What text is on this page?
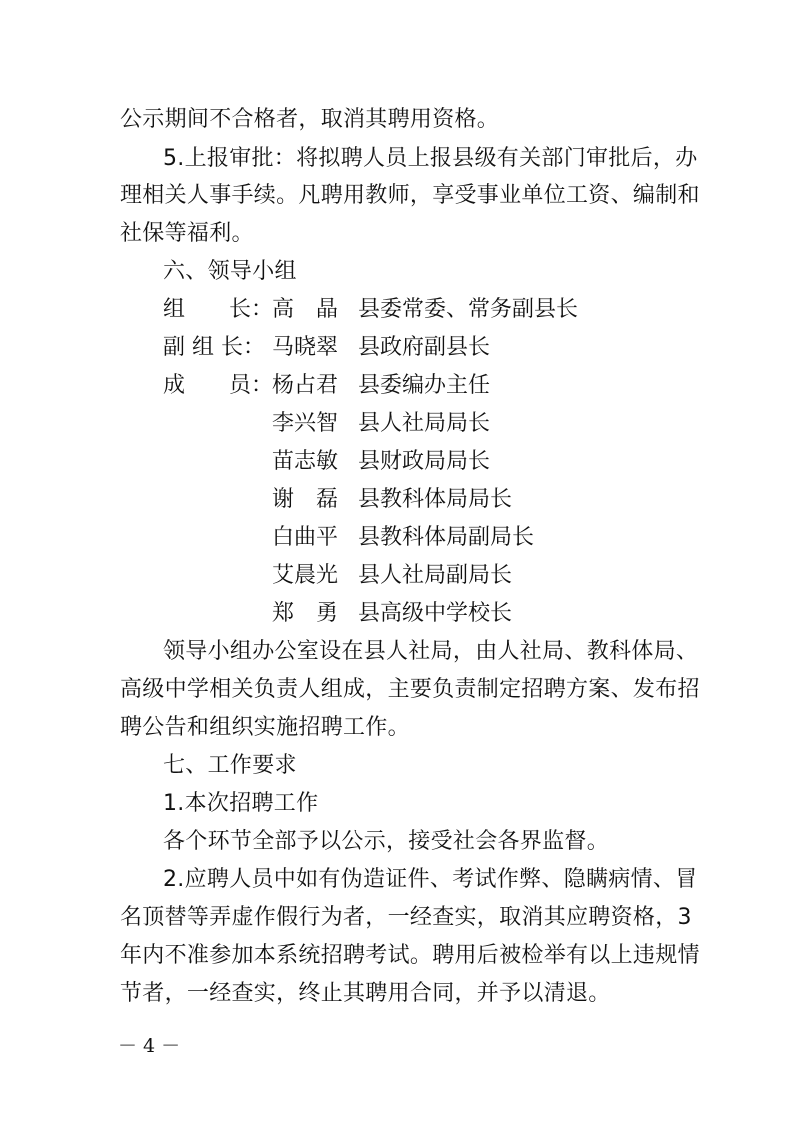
公示期间不合格者，取消其聘用资格。
5.上报审批：将拟聘人员上报县级有关部门审批后，办
理相关人事手续。凡聘用教师，享受事业单位工资、编制和
社保等福利。
六、领导小组
组　　长：
高　晶 县委常委、常务副县长
副 组 长： 马晓翠 县政府副县长
成　　员：
杨占君 县委编办主任
李兴智 县人社局局长
苗志敏 县财政局局长
谢　磊 县教科体局局长
白曲平 县教科体局副局长
艾晨光 县人社局副局长
郑　勇 县高级中学校长
领导小组办公室设在县人社局，由人社局、教科体局、
高级中学相关负责人组成，主要负责制定招聘方案、发布招
聘公告和组织实施招聘工作。
七、工作要求
1.本次招聘工作
各个环节全部予以公示，接受社会各界监督。
2.应聘人员中如有伪造证件、考试作弊、隐瞒病情、冒
名顶替等弄虚作假行为者，一经查实，取消其应聘资格，3
年内不准参加本系统招聘考试。聘用后被检举有以上违规情
节者，一经查实，终止其聘用合同，并予以清退。
－ 4 －
